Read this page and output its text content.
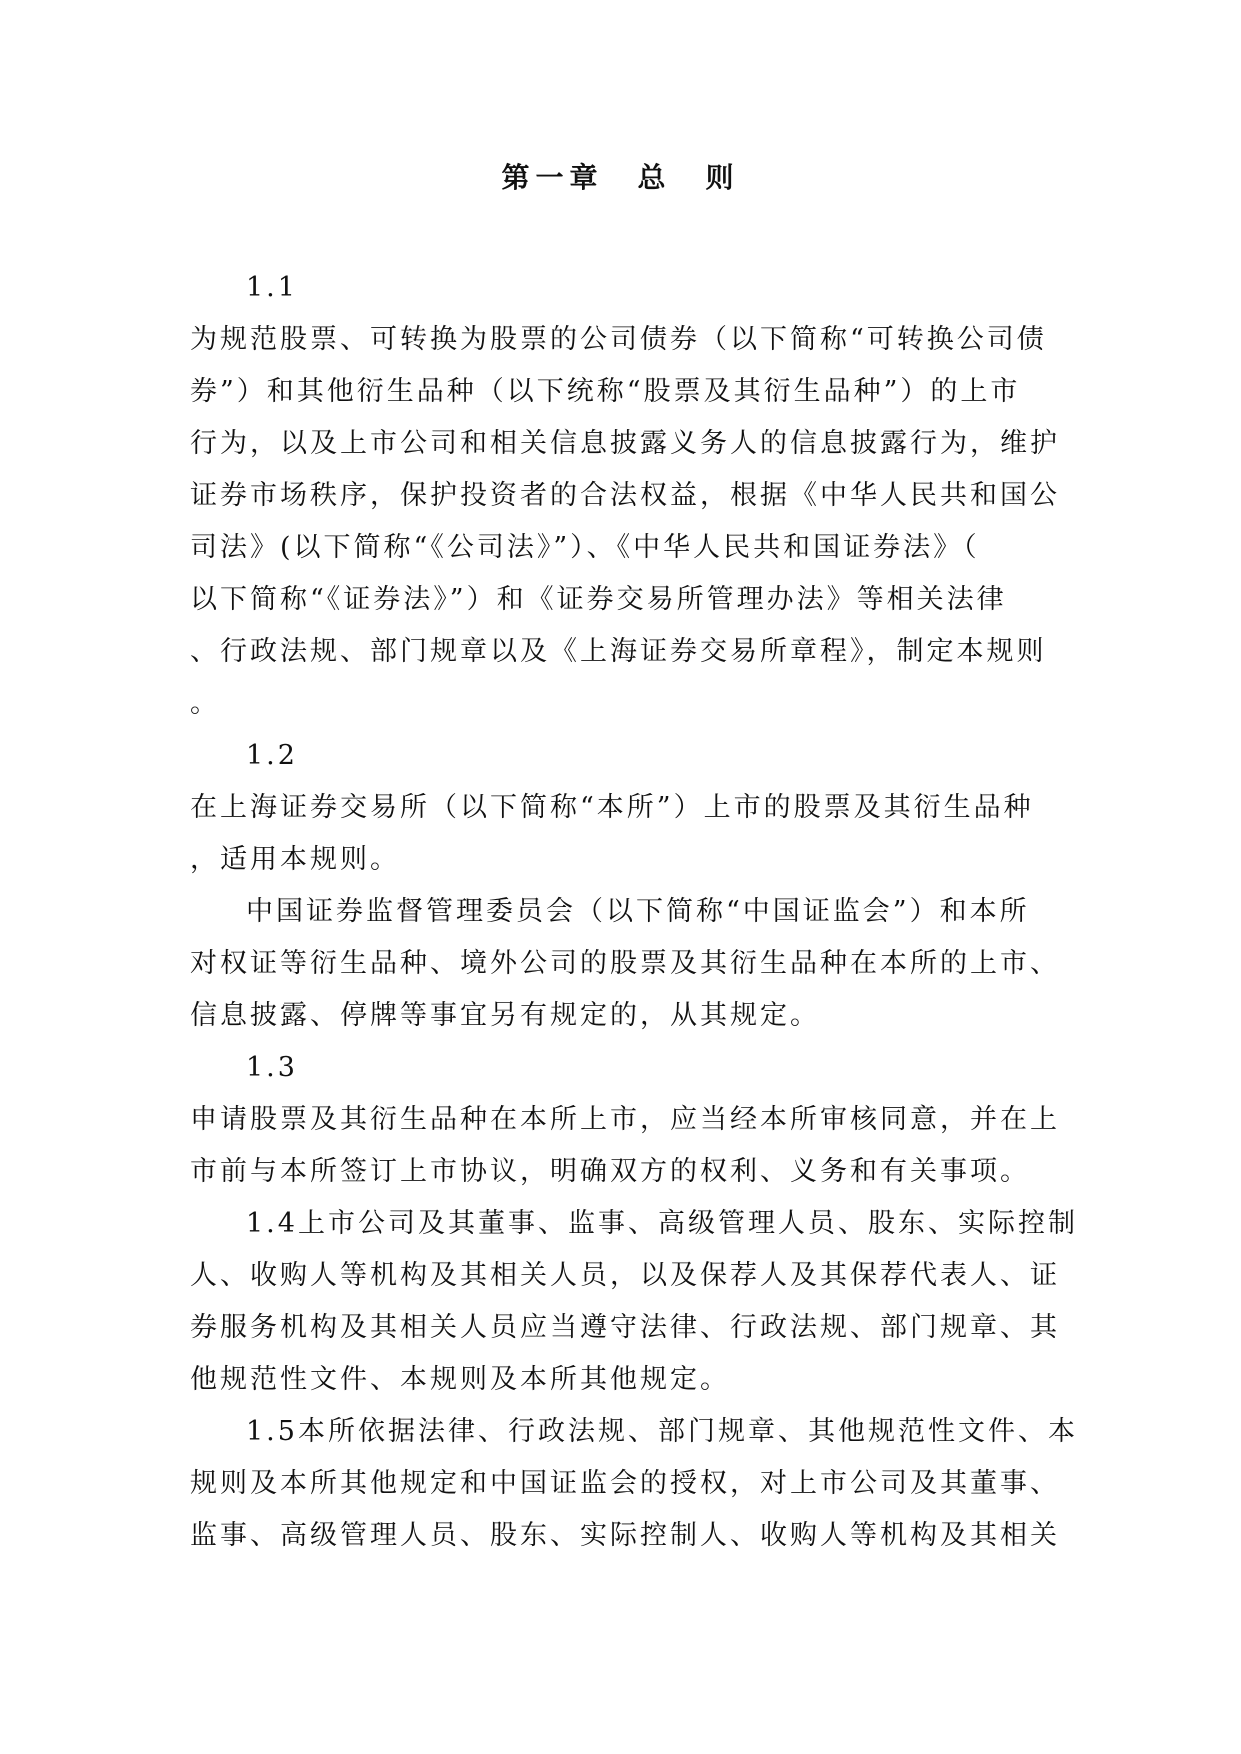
第一章　总　则
1.1
为规范股票、可转换为股票的公司债券（以下简称“可转换公司债
券”）和其他衍生品种（以下统称“股票及其衍生品种”）的上市
行为，以及上市公司和相关信息披露义务人的信息披露行为，维护
证券市场秩序，保护投资者的合法权益，根据《中华人民共和国公
司法》(以下简称“《公司法》”）、《中华人民共和国证券法》（
以下简称“《证券法》”）和《证券交易所管理办法》等相关法律
、行政法规、部门规章以及《上海证券交易所章程》，制定本规则
。
1.2
在上海证券交易所（以下简称“本所”）上市的股票及其衍生品种
，适用本规则。
中国证券监督管理委员会（以下简称“中国证监会”）和本所
对权证等衍生品种、境外公司的股票及其衍生品种在本所的上市、
信息披露、停牌等事宜另有规定的，从其规定。
1.3
申请股票及其衍生品种在本所上市，应当经本所审核同意，并在上
市前与本所签订上市协议，明确双方的权利、义务和有关事项。
1.4上市公司及其董事、监事、高级管理人员、股东、实际控制
人、收购人等机构及其相关人员，以及保荐人及其保荐代表人、证
券服务机构及其相关人员应当遵守法律、行政法规、部门规章、其
他规范性文件、本规则及本所其他规定。
1.5本所依据法律、行政法规、部门规章、其他规范性文件、本
规则及本所其他规定和中国证监会的授权，对上市公司及其董事、
监事、高级管理人员、股东、实际控制人、收购人等机构及其相关
